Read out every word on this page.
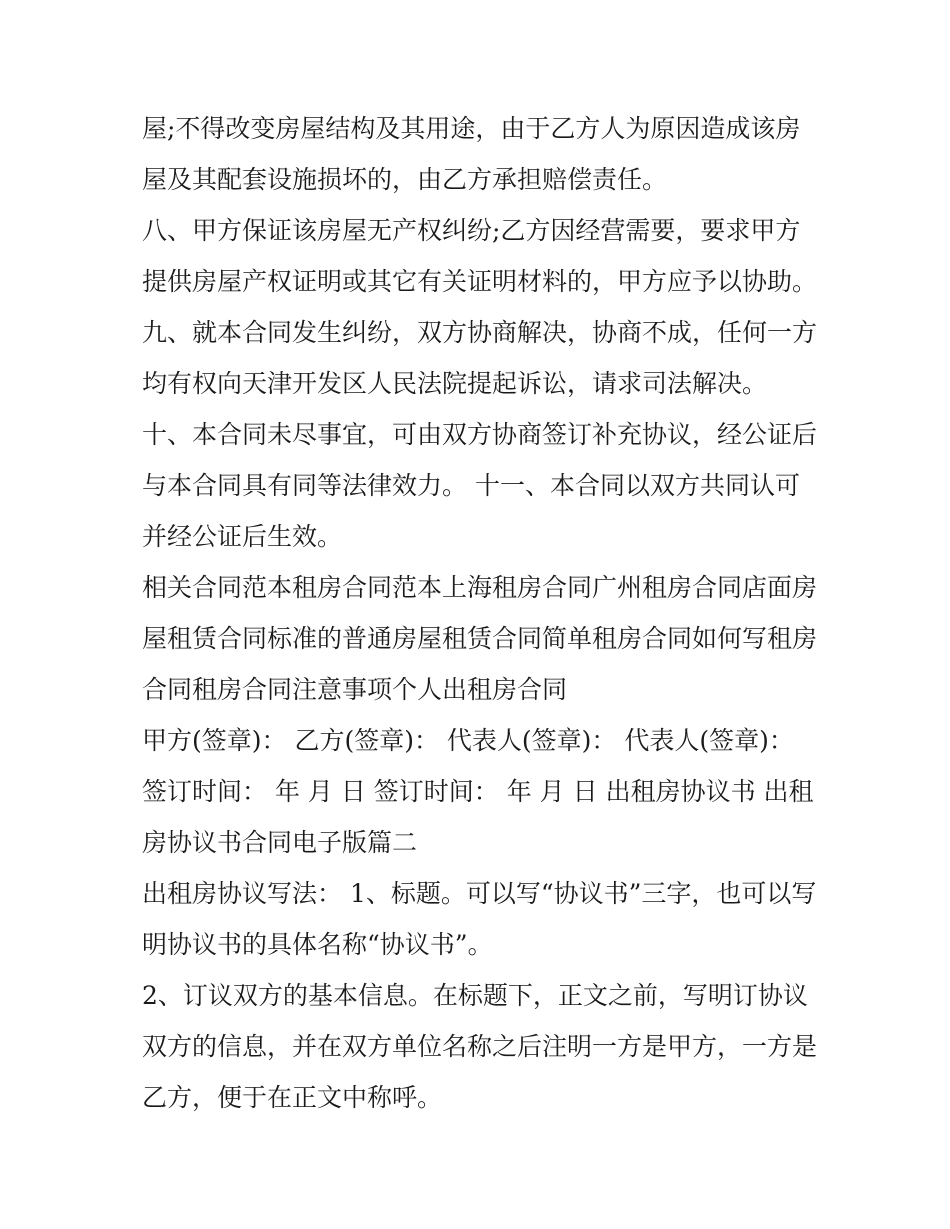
屋;不得改变房屋结构及其用途，由于乙方人为原因造成该房
屋及其配套设施损坏的，由乙方承担赔偿责任。
八、甲方保证该房屋无产权纠纷;乙方因经营需要，要求甲方
提供房屋产权证明或其它有关证明材料的，甲方应予以协助。
九、就本合同发生纠纷，双方协商解决，协商不成，任何一方
均有权向天津开发区人民法院提起诉讼，请求司法解决。
十、本合同未尽事宜，可由双方协商签订补充协议，经公证后
与本合同具有同等法律效力。 十一、本合同以双方共同认可
并经公证后生效。
相关合同范本租房合同范本上海租房合同广州租房合同店面房
屋租赁合同标准的普通房屋租赁合同简单租房合同如何写租房
合同租房合同注意事项个人出租房合同
甲方(签章)： 乙方(签章)： 代表人(签章)： 代表人(签章)：
签订时间： 年 月 日 签订时间： 年 月 日 出租房协议书 出租
房协议书合同电子版篇二
出租房协议写法： 1、标题。可以写“协议书”三字，也可以写
明协议书的具体名称“协议书”。
2、订议双方的基本信息。在标题下，正文之前，写明订协议
双方的信息，并在双方单位名称之后注明一方是甲方，一方是
乙方，便于在正文中称呼。
